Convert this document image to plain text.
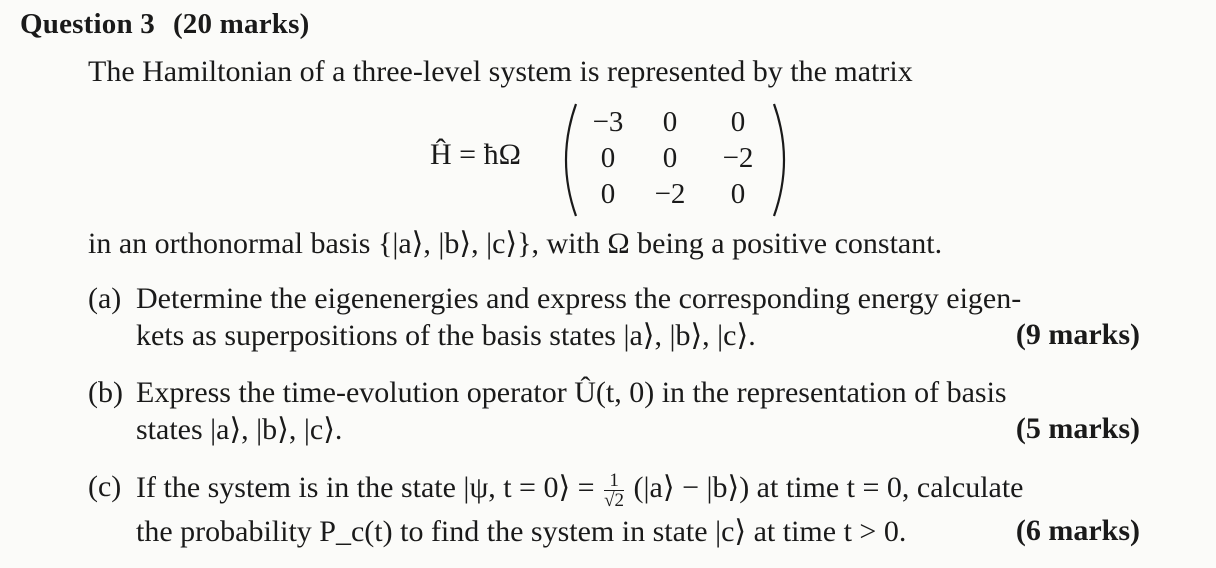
Question 3 (20 marks)
The Hamiltonian of a three-level system is represented by the matrix
Ĥ = ħΩ
−3	0	0
0	0	−2
0	−2	0
in an orthonormal basis {|a⟩, |b⟩, |c⟩}, with Ω being a positive constant.
(a) Determine the eigenenergies and express the corresponding energy eigen-
kets as superpositions of the basis states |a⟩, |b⟩, |c⟩.	(9 marks)
(b) Express the time-evolution operator Û(t, 0) in the representation of basis
states |a⟩, |b⟩, |c⟩.	(5 marks)
(c) If the system is in the state |ψ, t = 0⟩ = $\frac{1}{√2}$ (|a⟩ − |b⟩) at time t = 0, calculate
the probability P_c(t) to find the system in state |c⟩ at time t > 0.	(6 marks)
